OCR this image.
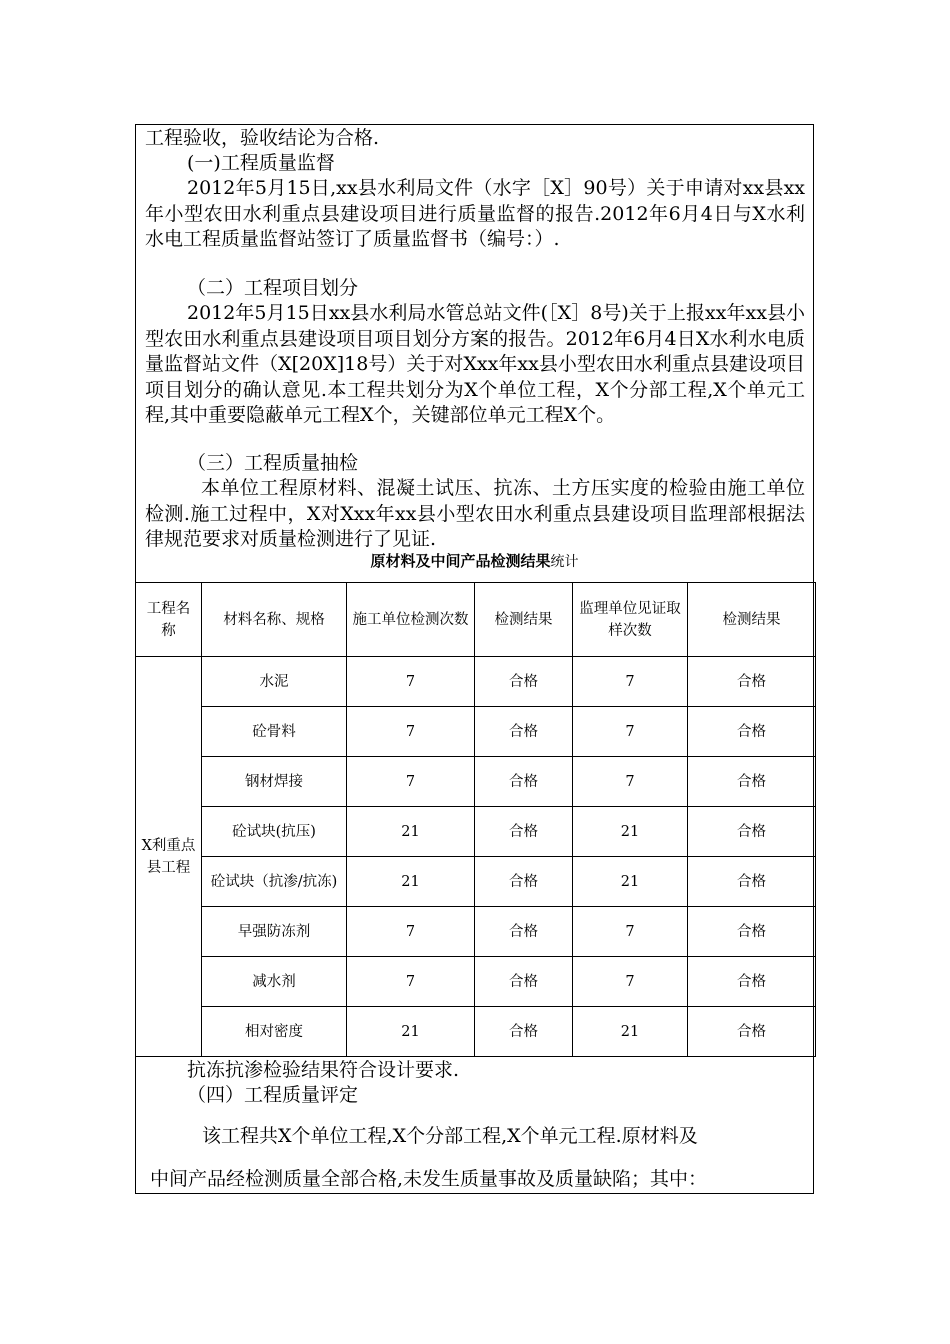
工程验收，验收结论为合格.
(一)工程质量监督
2012年5月15日,xx县水利局文件（水字［X］90号）关于申请对xx县xx年小型农田水利重点县建设项目进行质量监督的报告.2012年6月4日与X水利水电工程质量监督站签订了质量监督书（编号：）.
（二）工程项目划分
2012年5月15日xx县水利局水管总站文件(［X］8号)关于上报xx年xx县小型农田水利重点县建设项目项目划分方案的报告。2012年6月4日X水利水电质量监督站文件（X[20X]18号）关于对Xxx年xx县小型农田水利重点县建设项目项目划分的确认意见.本工程共划分为X个单位工程，X个分部工程,X个单元工程,其中重要隐蔽单元工程X个，关键部位单元工程X个。
（三）工程质量抽检
本单位工程原材料、混凝土试压、抗冻、土方压实度的检验由施工单位检测.施工过程中，X对Xxx年xx县小型农田水利重点县建设项目监理部根据法律规范要求对质量检测进行了见证.
原材料及中间产品检测结果统计
工程名称	材料名称、规格	施工单位检测次数	检测结果	监理单位见证取样次数	检测结果
X利重点县工程	水泥	7	合格	7	合格
	砼骨料	7	合格	7	合格
	钢材焊接	7	合格	7	合格
	砼试块(抗压)	21	合格	21	合格
	砼试块（抗渗/抗冻)	21	合格	21	合格
	早强防冻剂	7	合格	7	合格
	减水剂	7	合格	7	合格
	相对密度	21	合格	21	合格
抗冻抗渗检验结果符合设计要求.
（四）工程质量评定
该工程共X个单位工程,X个分部工程,X个单元工程.原材料及
中间产品经检测质量全部合格,未发生质量事故及质量缺陷；其中：
